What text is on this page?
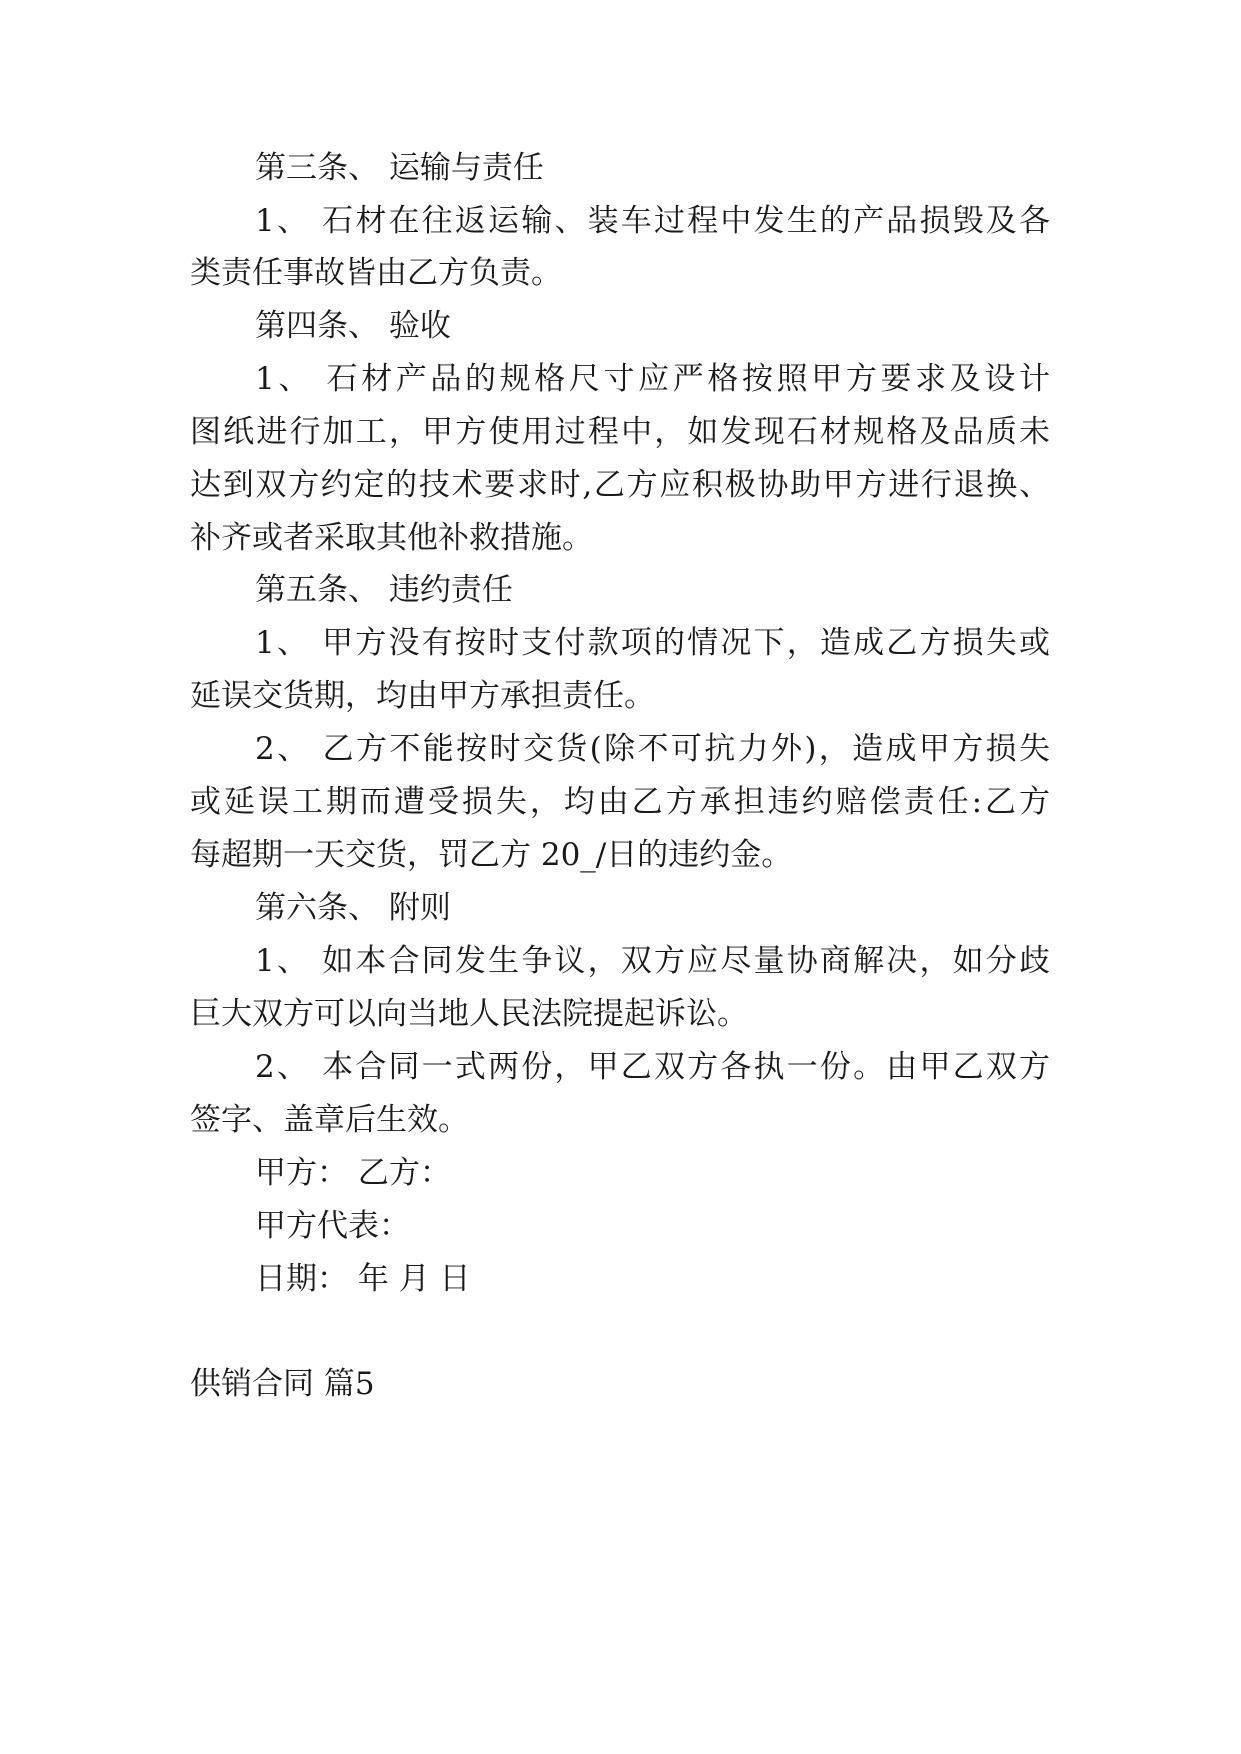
第三条、 运输与责任
1、 石材在往返运输、装车过程中发生的产品损毁及各
类责任事故皆由乙方负责。
第四条、 验收
1、 石材产品的规格尺寸应严格按照甲方要求及设计
图纸进行加工，甲方使用过程中，如发现石材规格及品质未
达到双方约定的技术要求时,乙方应积极协助甲方进行退换、
补齐或者采取其他补救措施。
第五条、 违约责任
1、 甲方没有按时支付款项的情况下，造成乙方损失或
延误交货期，均由甲方承担责任。
2、 乙方不能按时交货(除不可抗力外)，造成甲方损失
或延误工期而遭受损失，均由乙方承担违约赔偿责任:乙方
每超期一天交货，罚乙方 20_/日的违约金。
第六条、 附则
1、 如本合同发生争议，双方应尽量协商解决，如分歧
巨大双方可以向当地人民法院提起诉讼。
2、 本合同一式两份，甲乙双方各执一份。由甲乙双方
签字、盖章后生效。
甲方： 乙方：
甲方代表：
日期： 年 月 日
供销合同 篇5
